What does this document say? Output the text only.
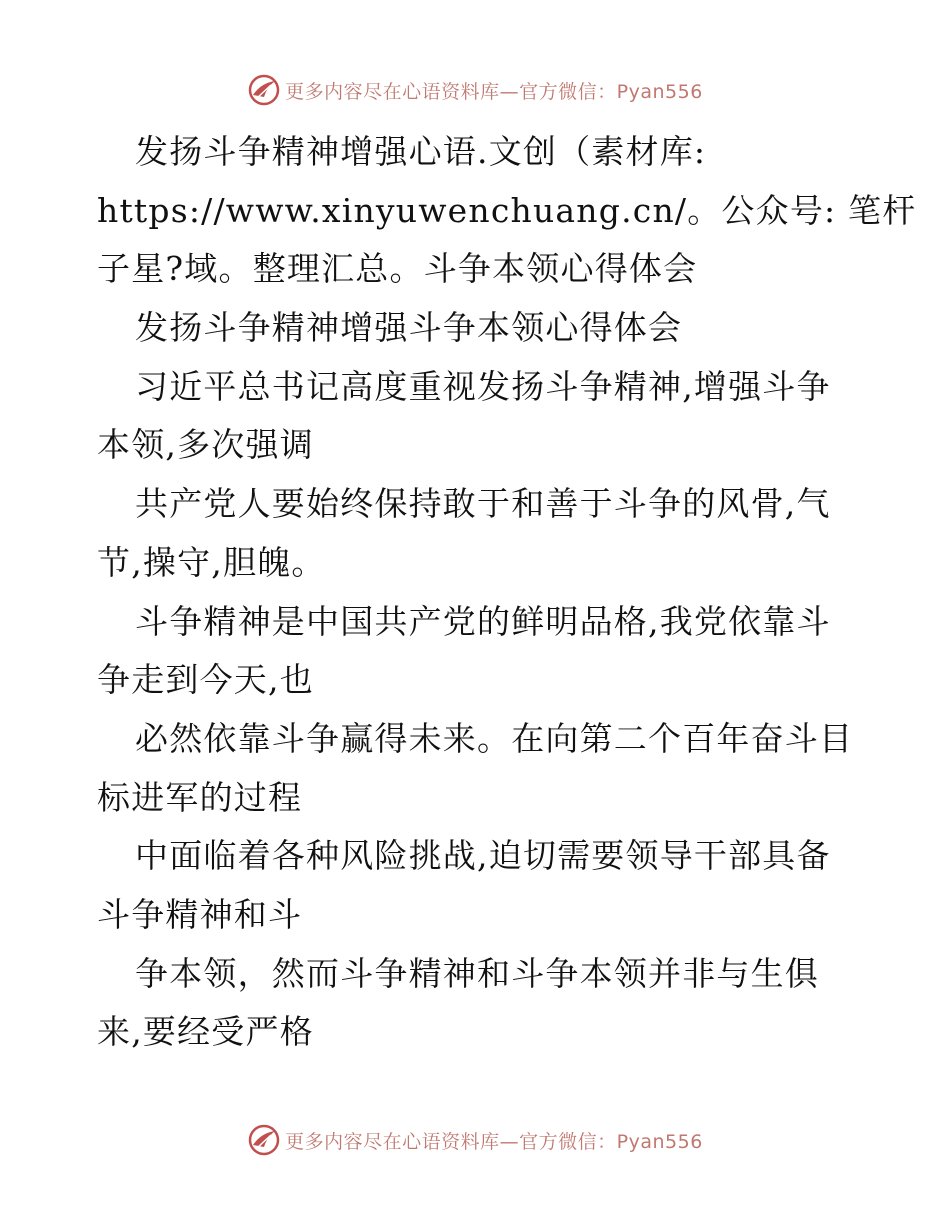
更多内容尽在心语资料库—官方微信：Pyan556
发扬斗争精神增强心语.文创（素材库:
https://www.xinyuwenchuang.cn/。公众号: 笔杆
子星?域。整理汇总。斗争本领心得体会
发扬斗争精神增强斗争本领心得体会
习近平总书记高度重视发扬斗争精神,增强斗争
本领,多次强调
共产党人要始终保持敢于和善于斗争的风骨,气
节,操守,胆魄。
斗争精神是中国共产党的鲜明品格,我党依靠斗
争走到今天,也
必然依靠斗争赢得未来。在向第二个百年奋斗目
标进军的过程
中面临着各种风险挑战,迫切需要领导干部具备
斗争精神和斗
争本领，然而斗争精神和斗争本领并非与生俱
来,要经受严格
更多内容尽在心语资料库—官方微信：Pyan556
